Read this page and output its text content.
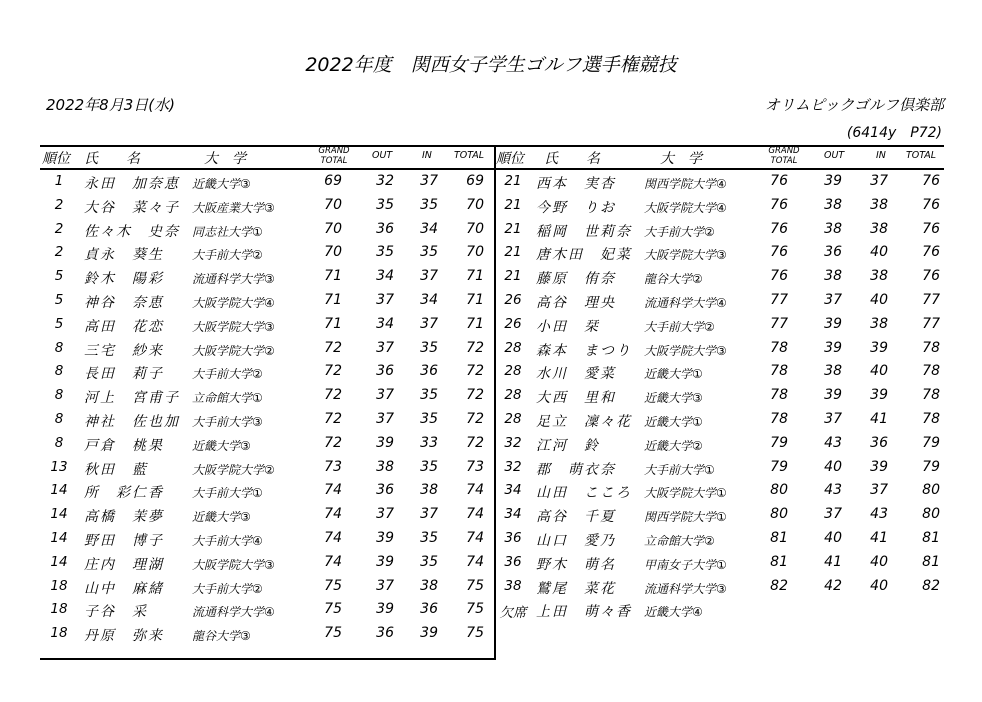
2022年度　関西女子学生ゴルフ選手権競技
2022年8月3日(水)	オリムピックゴルフ倶楽部
(6414y　P72)
順位 氏　　名	大　学	GRAND
TOTAL	OUT	IN TOTAL
1	永田　加奈恵 近畿大学③	69	32	37	69
2	大谷　菜々子 大阪産業大学③	70	35	35	70
2	佐々木　史奈 同志社大学①	70	36	34	70
2	貞永　葵生 大手前大学②	70	35	35	70
5	鈴木　陽彩 流通科学大学③	71	34	37	71
5	神谷　奈恵 大阪学院大学④	71	37	34	71
5	高田　花恋 大阪学院大学③	71	34	37	71
8	三宅　紗来 大阪学院大学②	72	37	35	72
8	長田　莉子 大手前大学②	72	36	36	72
8	河上　宮甫子 立命館大学①	72	37	35	72
8	神社　佐也加 大手前大学③	72	37	35	72
8	戸倉　桃果 近畿大学③	72	39	33	72
13	秋田　藍	大阪学院大学②	73	38	35	73
14	所　彩仁香 大手前大学①	74	36	38	74
14	高橋　茉夢 近畿大学③	74	37	37	74
14	野田　博子 大手前大学④	74	39	35	74
14	庄内　理湖 大阪学院大学③	74	39	35	74
18	山中　麻緒 大手前大学②	75	37	38	75
18	子谷　采	流通科学大学④	75	39	36	75
18	丹原　弥来 龍谷大学③	75	36	39	75
順位 氏　　名	大　学	GRAND
TOTAL	OUT	IN TOTAL
21	西本　実杏 関西学院大学④	76	39	37	76
21	今野　りお 大阪学院大学④	76	38	38	76
21	稲岡　世莉奈 大手前大学②	76	38	38	76
21	唐木田　妃菜 大阪学院大学③	76	36	40	76
21	藤原　侑奈 龍谷大学②	76	38	38	76
26	高谷　理央 流通科学大学④	77	37	40	77
26	小田　栞	大手前大学②	77	39	38	77
28	森本　まつり 大阪学院大学③	78	39	39	78
28	水川　愛菜 近畿大学①	78	38	40	78
28	大西　里和 近畿大学③	78	39	39	78
28	足立　凜々花 近畿大学①	78	37	41	78
32	江河　鈴	近畿大学②	79	43	36	79
32	郡　萌衣奈 大手前大学①	79	40	39	79
34	山田　こころ 大阪学院大学①	80	43	37	80
34	高谷　千夏 関西学院大学①	80	37	43	80
36	山口　愛乃 立命館大学②	81	40	41	81
36	野木　萌名 甲南女子大学①	81	41	40	81
38	鷲尾　菜花 流通科学大学③	82	42	40	82
欠席 上田　萌々香 近畿大学④
